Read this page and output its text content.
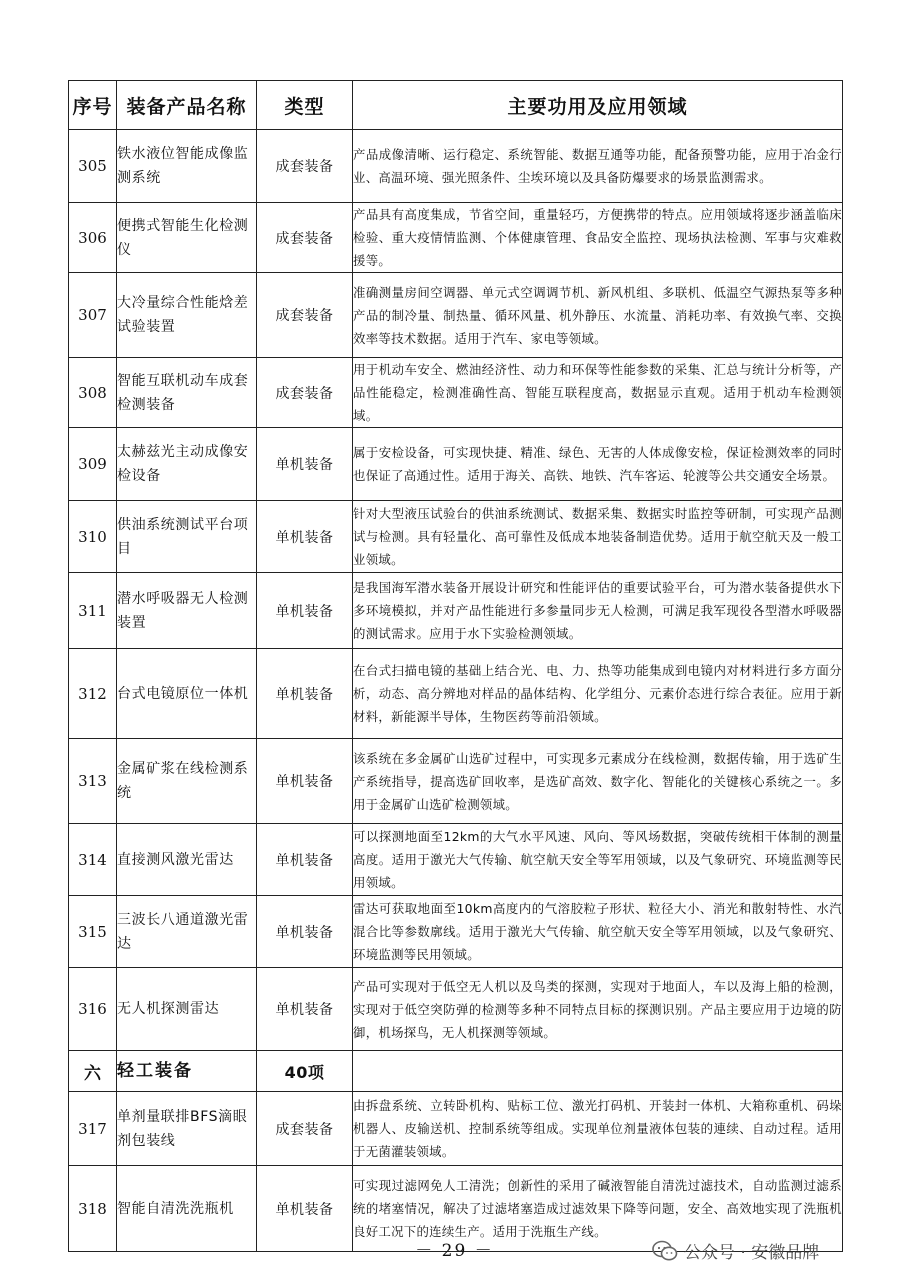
序号	装备产品名称	类型	主要功用及应用领域
305	铁水液位智能成像监测系统	成套装备	产品成像清晰、运行稳定、系统智能、数据互通等功能，配备预警功能，应用于冶金行业、高温环境、强光照条件、尘埃环境以及具备防爆要求的场景监测需求。
306	便携式智能生化检测仪	成套装备	产品具有高度集成，节省空间，重量轻巧，方便携带的特点。应用领域将逐步涵盖临床检验、重大疫情情监测、个体健康管理、食品安全监控、现场执法检测、军事与灾难救援等。
307	大冷量综合性能焓差试验装置	成套装备	准确测量房间空调器、单元式空调调节机、新风机组、多联机、低温空气源热泵等多种产品的制冷量、制热量、循环风量、机外静压、水流量、消耗功率、有效换气率、交换效率等技术数据。适用于汽车、家电等领域。
308	智能互联机动车成套检测装备	成套装备	用于机动车安全、燃油经济性、动力和环保等性能参数的采集、汇总与统计分析等，产品性能稳定，检测准确性高、智能互联程度高，数据显示直观。适用于机动车检测领域。
309	太赫兹光主动成像安检设备	单机装备	属于安检设备，可实现快捷、精准、绿色、无害的人体成像安检，保证检测效率的同时也保证了高通过性。适用于海关、高铁、地铁、汽车客运、轮渡等公共交通安全场景。
310	供油系统测试平台项目	单机装备	针对大型液压试验台的供油系统测试、数据采集、数据实时监控等研制，可实现产品测试与检测。具有轻量化、高可靠性及低成本地装备制造优势。适用于航空航天及一般工业领域。
311	潜水呼吸器无人检测装置	单机装备	是我国海军潜水装备开展设计研究和性能评估的重要试验平台，可为潜水装备提供水下多环境模拟，并对产品性能进行多参量同步无人检测，可满足我军现役各型潜水呼吸器的测试需求。应用于水下实验检测领域。
312	台式电镜原位一体机	单机装备	在台式扫描电镜的基础上结合光、电、力、热等功能集成到电镜内对材料进行多方面分析，动态、高分辨地对样品的晶体结构、化学组分、元素价态进行综合表征。应用于新材料，新能源半导体，生物医药等前沿领域。
313	金属矿浆在线检测系统	单机装备	该系统在多金属矿山选矿过程中，可实现多元素成分在线检测，数据传输，用于选矿生产系统指导，提高选矿回收率，是选矿高效、数字化、智能化的关键核心系统之一。多用于金属矿山选矿检测领域。
314	直接测风激光雷达	单机装备	可以探测地面至12km的大气水平风速、风向、等风场数据，突破传统相干体制的测量高度。适用于激光大气传输、航空航天安全等军用领域，以及气象研究、环境监测等民用领域。
315	三波长八通道激光雷达	单机装备	雷达可获取地面至10km高度内的气溶胶粒子形状、粒径大小、消光和散射特性、水汽混合比等参数廓线。适用于激光大气传输、航空航天安全等军用领域，以及气象研究、环境监测等民用领域。
316	无人机探测雷达	单机装备	产品可实现对于低空无人机以及鸟类的探测，实现对于地面人，车以及海上船的检测，实现对于低空突防弹的检测等多种不同特点目标的探测识别。产品主要应用于边境的防御，机场探鸟，无人机探测等领域。
六	轻工装备	40项	
317	单剂量联排BFS滴眼剂包装线	成套装备	由拆盘系统、立转卧机构、贴标工位、激光打码机、开装封一体机、大箱称重机、码垛机器人、皮输送机、控制系统等组成。实现单位剂量液体包装的連续、自动过程。适用于无菌灌装领域。
318	智能自清洗洗瓶机	单机装备	可实现过滤网免人工清洗；创新性的采用了碱液智能自清洗过滤技术，自动监测过滤系统的堵塞情况，解决了过滤堵塞造成过滤效果下降等问题，安全、高效地实现了洗瓶机良好工况下的连续生产。适用于洗瓶生产线。
－ 29 －	公众号 · 安徽品牌
